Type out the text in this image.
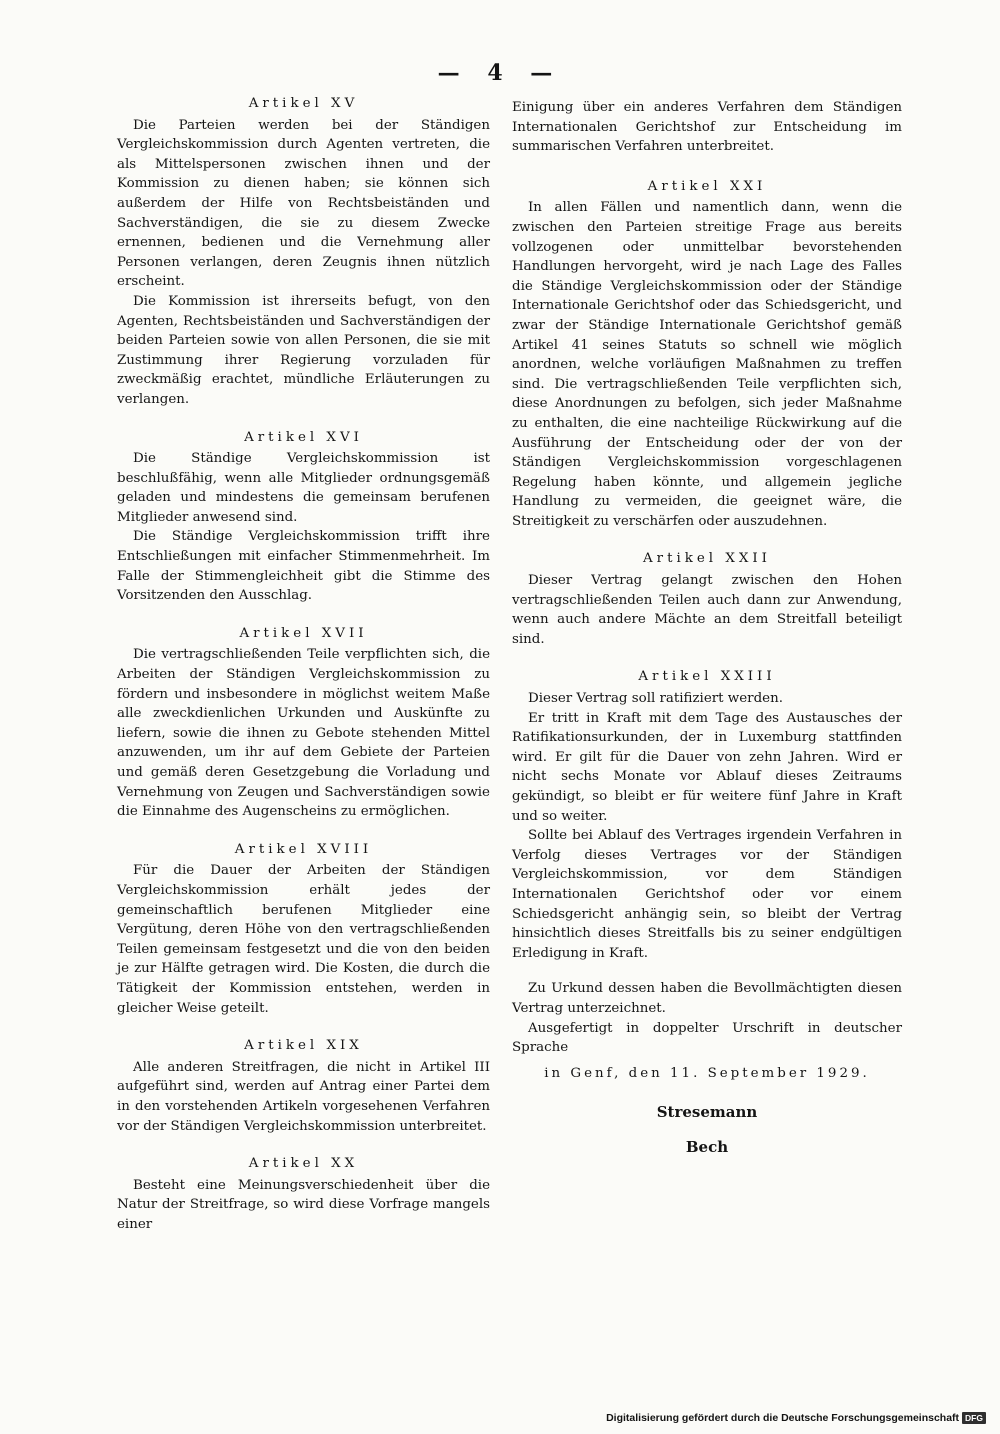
— 4 —

Artikel XV

Die Parteien werden bei der Ständigen Vergleichskommission durch Agenten vertreten, die als Mittelspersonen zwischen ihnen und der Kommission zu dienen haben; sie können sich außerdem der Hilfe von Rechtsbeiständen und Sachverständigen, die sie zu diesem Zwecke ernennen, bedienen und die Vernehmung aller Personen verlangen, deren Zeugnis ihnen nützlich erscheint.

Die Kommission ist ihrerseits befugt, von den Agenten, Rechtsbeiständen und Sachverständigen der beiden Parteien sowie von allen Personen, die sie mit Zustimmung ihrer Regierung vorzuladen für zweckmäßig erachtet, mündliche Erläuterungen zu verlangen.

Artikel XVI

Die Ständige Vergleichskommission ist beschlußfähig, wenn alle Mitglieder ordnungsgemäß geladen und mindestens die gemeinsam berufenen Mitglieder anwesend sind.

Die Ständige Vergleichskommission trifft ihre Entschließungen mit einfacher Stimmenmehrheit. Im Falle der Stimmengleichheit gibt die Stimme des Vorsitzenden den Ausschlag.

Artikel XVII

Die vertragschließenden Teile verpflichten sich, die Arbeiten der Ständigen Vergleichskommission zu fördern und insbesondere in möglichst weitem Maße alle zweckdienlichen Urkunden und Auskünfte zu liefern, sowie die ihnen zu Gebote stehenden Mittel anzuwenden, um ihr auf dem Gebiete der Parteien und gemäß deren Gesetzgebung die Vorladung und Vernehmung von Zeugen und Sachverständigen sowie die Einnahme des Augenscheins zu ermöglichen.

Artikel XVIII

Für die Dauer der Arbeiten der Ständigen Vergleichskommission erhält jedes der gemeinschaftlich berufenen Mitglieder eine Vergütung, deren Höhe von den vertragschließenden Teilen gemeinsam festgesetzt und die von den beiden je zur Hälfte getragen wird. Die Kosten, die durch die Tätigkeit der Kommission entstehen, werden in gleicher Weise geteilt.

Artikel XIX

Alle anderen Streitfragen, die nicht in Artikel III aufgeführt sind, werden auf Antrag einer Partei dem in den vorstehenden Artikeln vorgesehenen Verfahren vor der Ständigen Vergleichskommission unterbreitet.

Artikel XX

Besteht eine Meinungsverschiedenheit über die Natur der Streitfrage, so wird diese Vorfrage mangels einer

Einigung über ein anderes Verfahren dem Ständigen Internationalen Gerichtshof zur Entscheidung im summarischen Verfahren unterbreitet.

Artikel XXI

In allen Fällen und namentlich dann, wenn die zwischen den Parteien streitige Frage aus bereits vollzogenen oder unmittelbar bevorstehenden Handlungen hervorgeht, wird je nach Lage des Falles die Ständige Vergleichskommission oder der Ständige Internationale Gerichtshof oder das Schiedsgericht, und zwar der Ständige Internationale Gerichtshof gemäß Artikel 41 seines Statuts so schnell wie möglich anordnen, welche vorläufigen Maßnahmen zu treffen sind. Die vertragschließenden Teile verpflichten sich, diese Anordnungen zu befolgen, sich jeder Maßnahme zu enthalten, die eine nachteilige Rückwirkung auf die Ausführung der Entscheidung oder der von der Ständigen Vergleichskommission vorgeschlagenen Regelung haben könnte, und allgemein jegliche Handlung zu vermeiden, die geeignet wäre, die Streitigkeit zu verschärfen oder auszudehnen.

Artikel XXII

Dieser Vertrag gelangt zwischen den Hohen vertragschließenden Teilen auch dann zur Anwendung, wenn auch andere Mächte an dem Streitfall beteiligt sind.

Artikel XXIII

Dieser Vertrag soll ratifiziert werden.

Er tritt in Kraft mit dem Tage des Austausches der Ratifikationsurkunden, der in Luxemburg stattfinden wird. Er gilt für die Dauer von zehn Jahren. Wird er nicht sechs Monate vor Ablauf dieses Zeitraums gekündigt, so bleibt er für weitere fünf Jahre in Kraft und so weiter.

Sollte bei Ablauf des Vertrages irgendein Verfahren in Verfolg dieses Vertrages vor der Ständigen Vergleichskommission, vor dem Ständigen Internationalen Gerichtshof oder vor einem Schiedsgericht anhängig sein, so bleibt der Vertrag hinsichtlich dieses Streitfalls bis zu seiner endgültigen Erledigung in Kraft.

Zu Urkund dessen haben die Bevollmächtigten diesen Vertrag unterzeichnet.

Ausgefertigt in doppelter Urschrift in deutscher Sprache

in Genf, den 11. September 1929.

Stresemann

Bech

Digitalisierung gefördert durch die Deutsche Forschungsgemeinschaft DFG
